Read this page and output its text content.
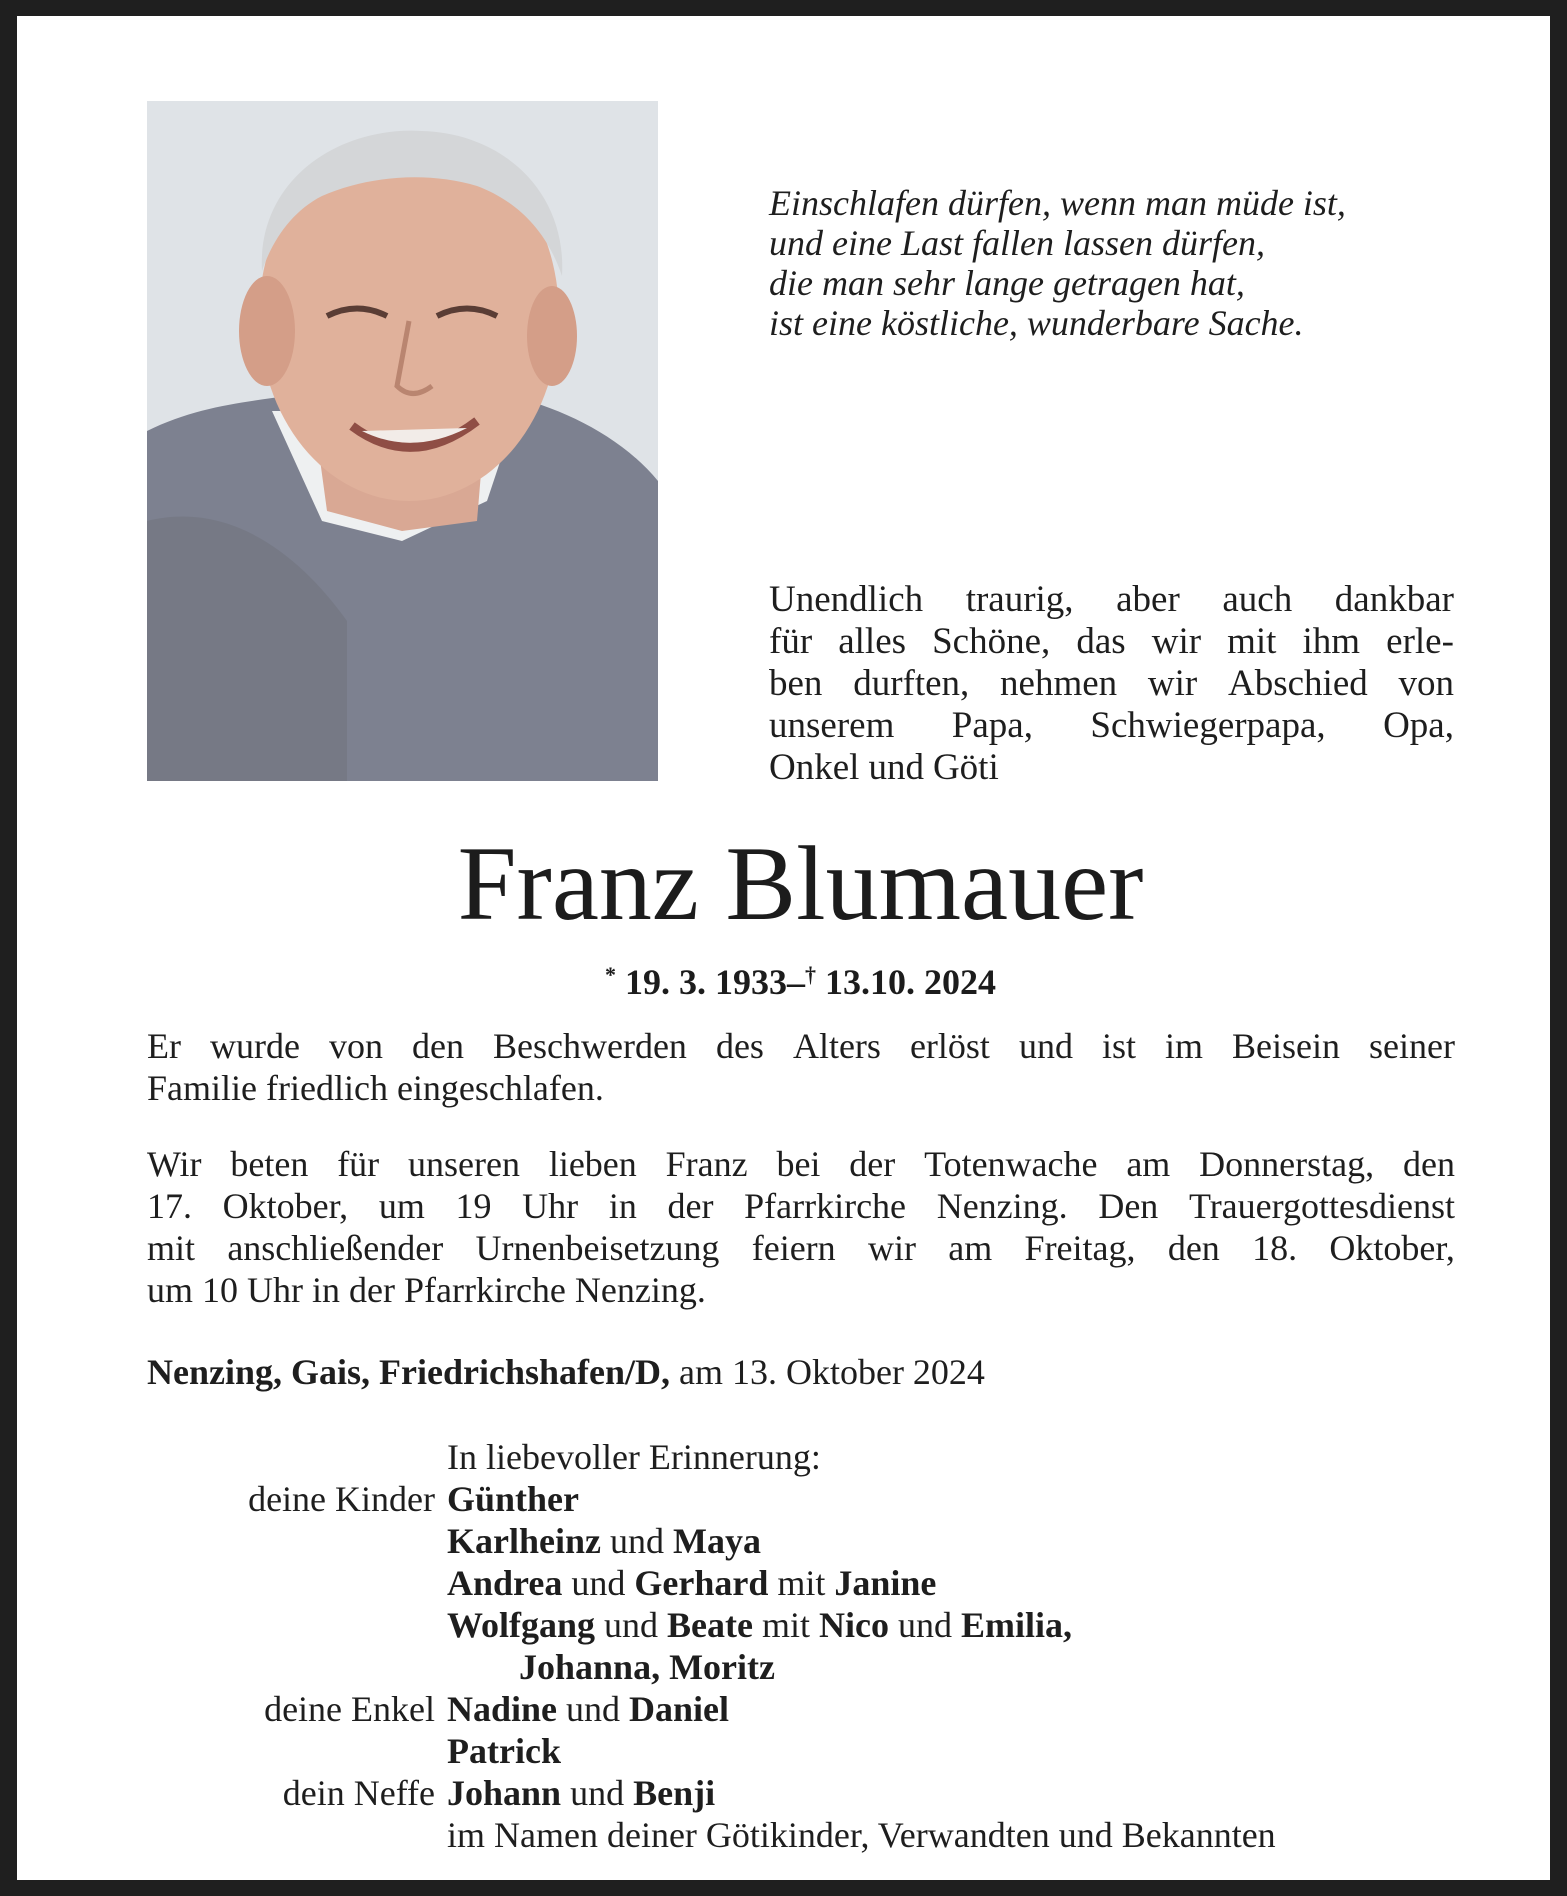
Einschlafen dürfen, wenn man müde ist,
und eine Last fallen lassen dürfen,
die man sehr lange getragen hat,
ist eine köstliche, wunderbare Sache.
Unendlich traurig, aber auch dankbar
für alles Schöne, das wir mit ihm erle-
ben durften, nehmen wir Abschied von
unserem Papa, Schwiegerpapa, Opa,
Onkel und Göti
Franz Blumauer
* 19. 3. 1933–† 13.10. 2024
Er wurde von den Beschwerden des Alters erlöst und ist im Beisein seiner
Familie friedlich eingeschlafen.
Wir beten für unseren lieben Franz bei der Totenwache am Donnerstag, den
17. Oktober, um 19 Uhr in der Pfarrkirche Nenzing. Den Trauergottesdienst
mit anschließender Urnenbeisetzung feiern wir am Freitag, den 18. Oktober,
um 10 Uhr in der Pfarrkirche Nenzing.
Nenzing, Gais, Friedrichshafen/D, am 13. Oktober 2024
In liebevoller Erinnerung:
deine Kinder Günther
Karlheinz und Maya
Andrea und Gerhard mit Janine
Wolfgang und Beate mit Nico und Emilia,
Johanna, Moritz
deine Enkel Nadine und Daniel
Patrick
dein Neffe Johann und Benji
im Namen deiner Götikinder, Verwandten und Bekannten
